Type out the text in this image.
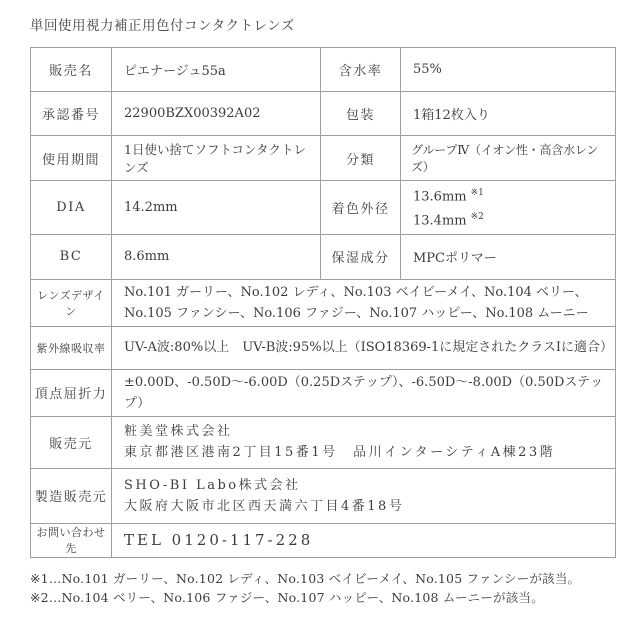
単回使用視力補正用色付コンタクトレンズ
販売名	ピエナージュ55a	含水率	55%
承認番号	22900BZX00392A02	包装	1箱12枚入り
使用期間	1日使い捨てソフトコンタクトレンズ	分類	グループⅣ（イオン性・高含水レンズ）
DIA	14.2mm	着色外径	13.6mm $^{※1}$
13.4mm $^{※2}$

BC	8.6mm	保湿成分	MPCポリマー
レンズデザイン	No.101 ガーリー、No.102 レディ、No.103 ベイビーメイ、No.104 ベリー、
No.105 ファンシー、No.106 ファジー、No.107 ハッピー、No.108 ムーニー		

紫外線吸収率	UV-A波:80%以上　UV-B波:95%以上（ISO18369-1に規定されたクラスIに適合）		

頂点屈折力	±0.00D、-0.50D～-6.00D（0.25Dステップ）、-6.50D～-8.00D（0.50Dステップ）		

販売元	粧美堂株式会社
東京都港区港南2丁目15番1号　品川インターシティA棟23階		

製造販売元	SHO-BI Labo株式会社
大阪府大阪市北区西天満六丁目4番18号		

お問い合わせ先	TEL 0120-117-228		
※1…No.101 ガーリー、No.102 レディ、No.103 ベイビーメイ、No.105 ファンシーが該当。
※2…No.104 ベリー、No.106 ファジー、No.107 ハッピー、No.108 ムーニーが該当。
